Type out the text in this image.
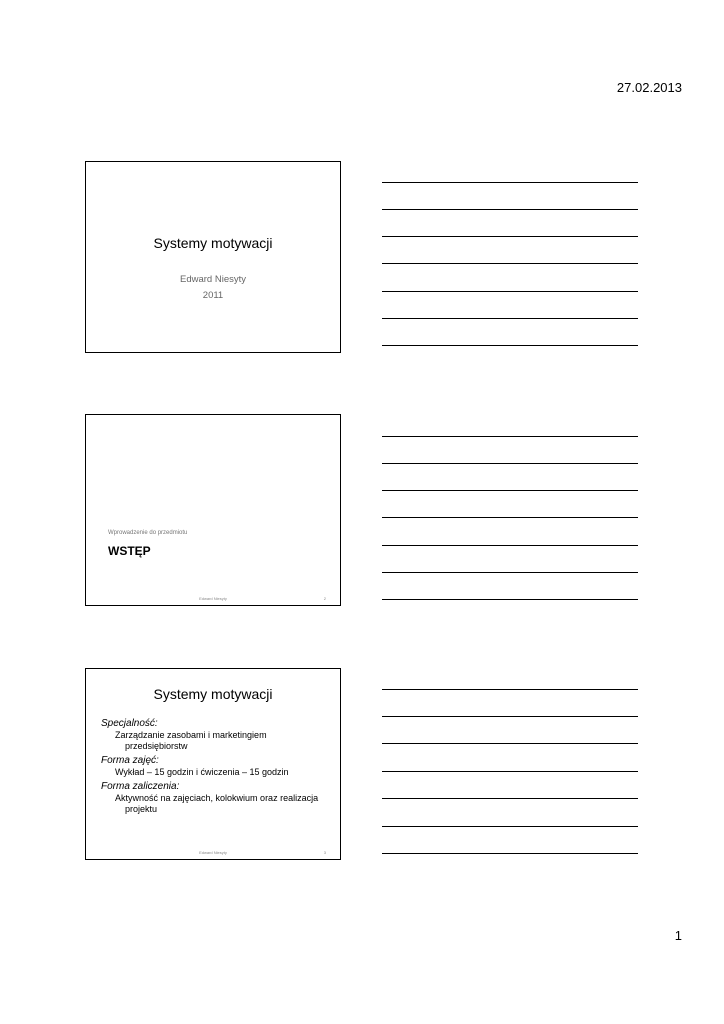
27.02.2013
Systemy motywacji
Edward Niesyty
2011
Wprowadzenie do przedmiotu
WSTĘP
Edward Niesyty	2
Systemy motywacji
Specjalność:
Zarządzanie zasobami i marketingiem przedsiębiorstw
Forma zajęć:
Wykład – 15 godzin i ćwiczenia – 15 godzin
Forma zaliczenia:
Aktywność na zajęciach, kolokwium oraz realizacja projektu
Edward Niesyty	3
1
